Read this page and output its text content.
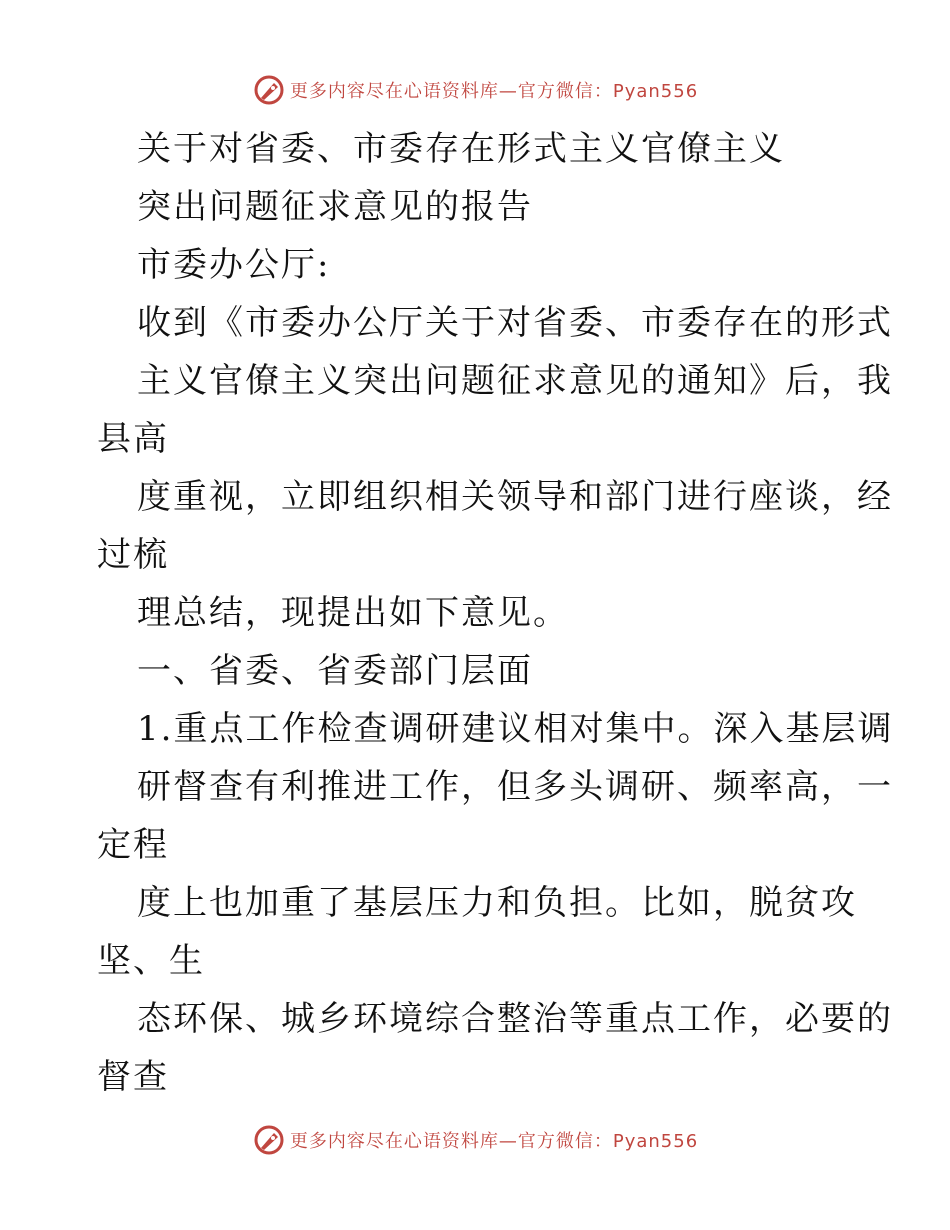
更多内容尽在心语资料库—官方微信：Pyan556
关于对省委、市委存在形式主义官僚主义
突出问题征求意见的报告
市委办公厅:
收到《市委办公厅关于对省委、市委存在的形式
主义官僚主义突出问题征求意见的通知》后，我
县高
度重视，立即组织相关领导和部门进行座谈，经
过梳
理总结，现提出如下意见。
一、省委、省委部门层面
1.重点工作检查调研建议相对集中。深入基层调
研督查有利推进工作，但多头调研、频率高，一
定程
度上也加重了基层压力和负担。比如，脱贫攻
坚、生
态环保、城乡环境综合整治等重点工作，必要的
督查
更多内容尽在心语资料库—官方微信：Pyan556
